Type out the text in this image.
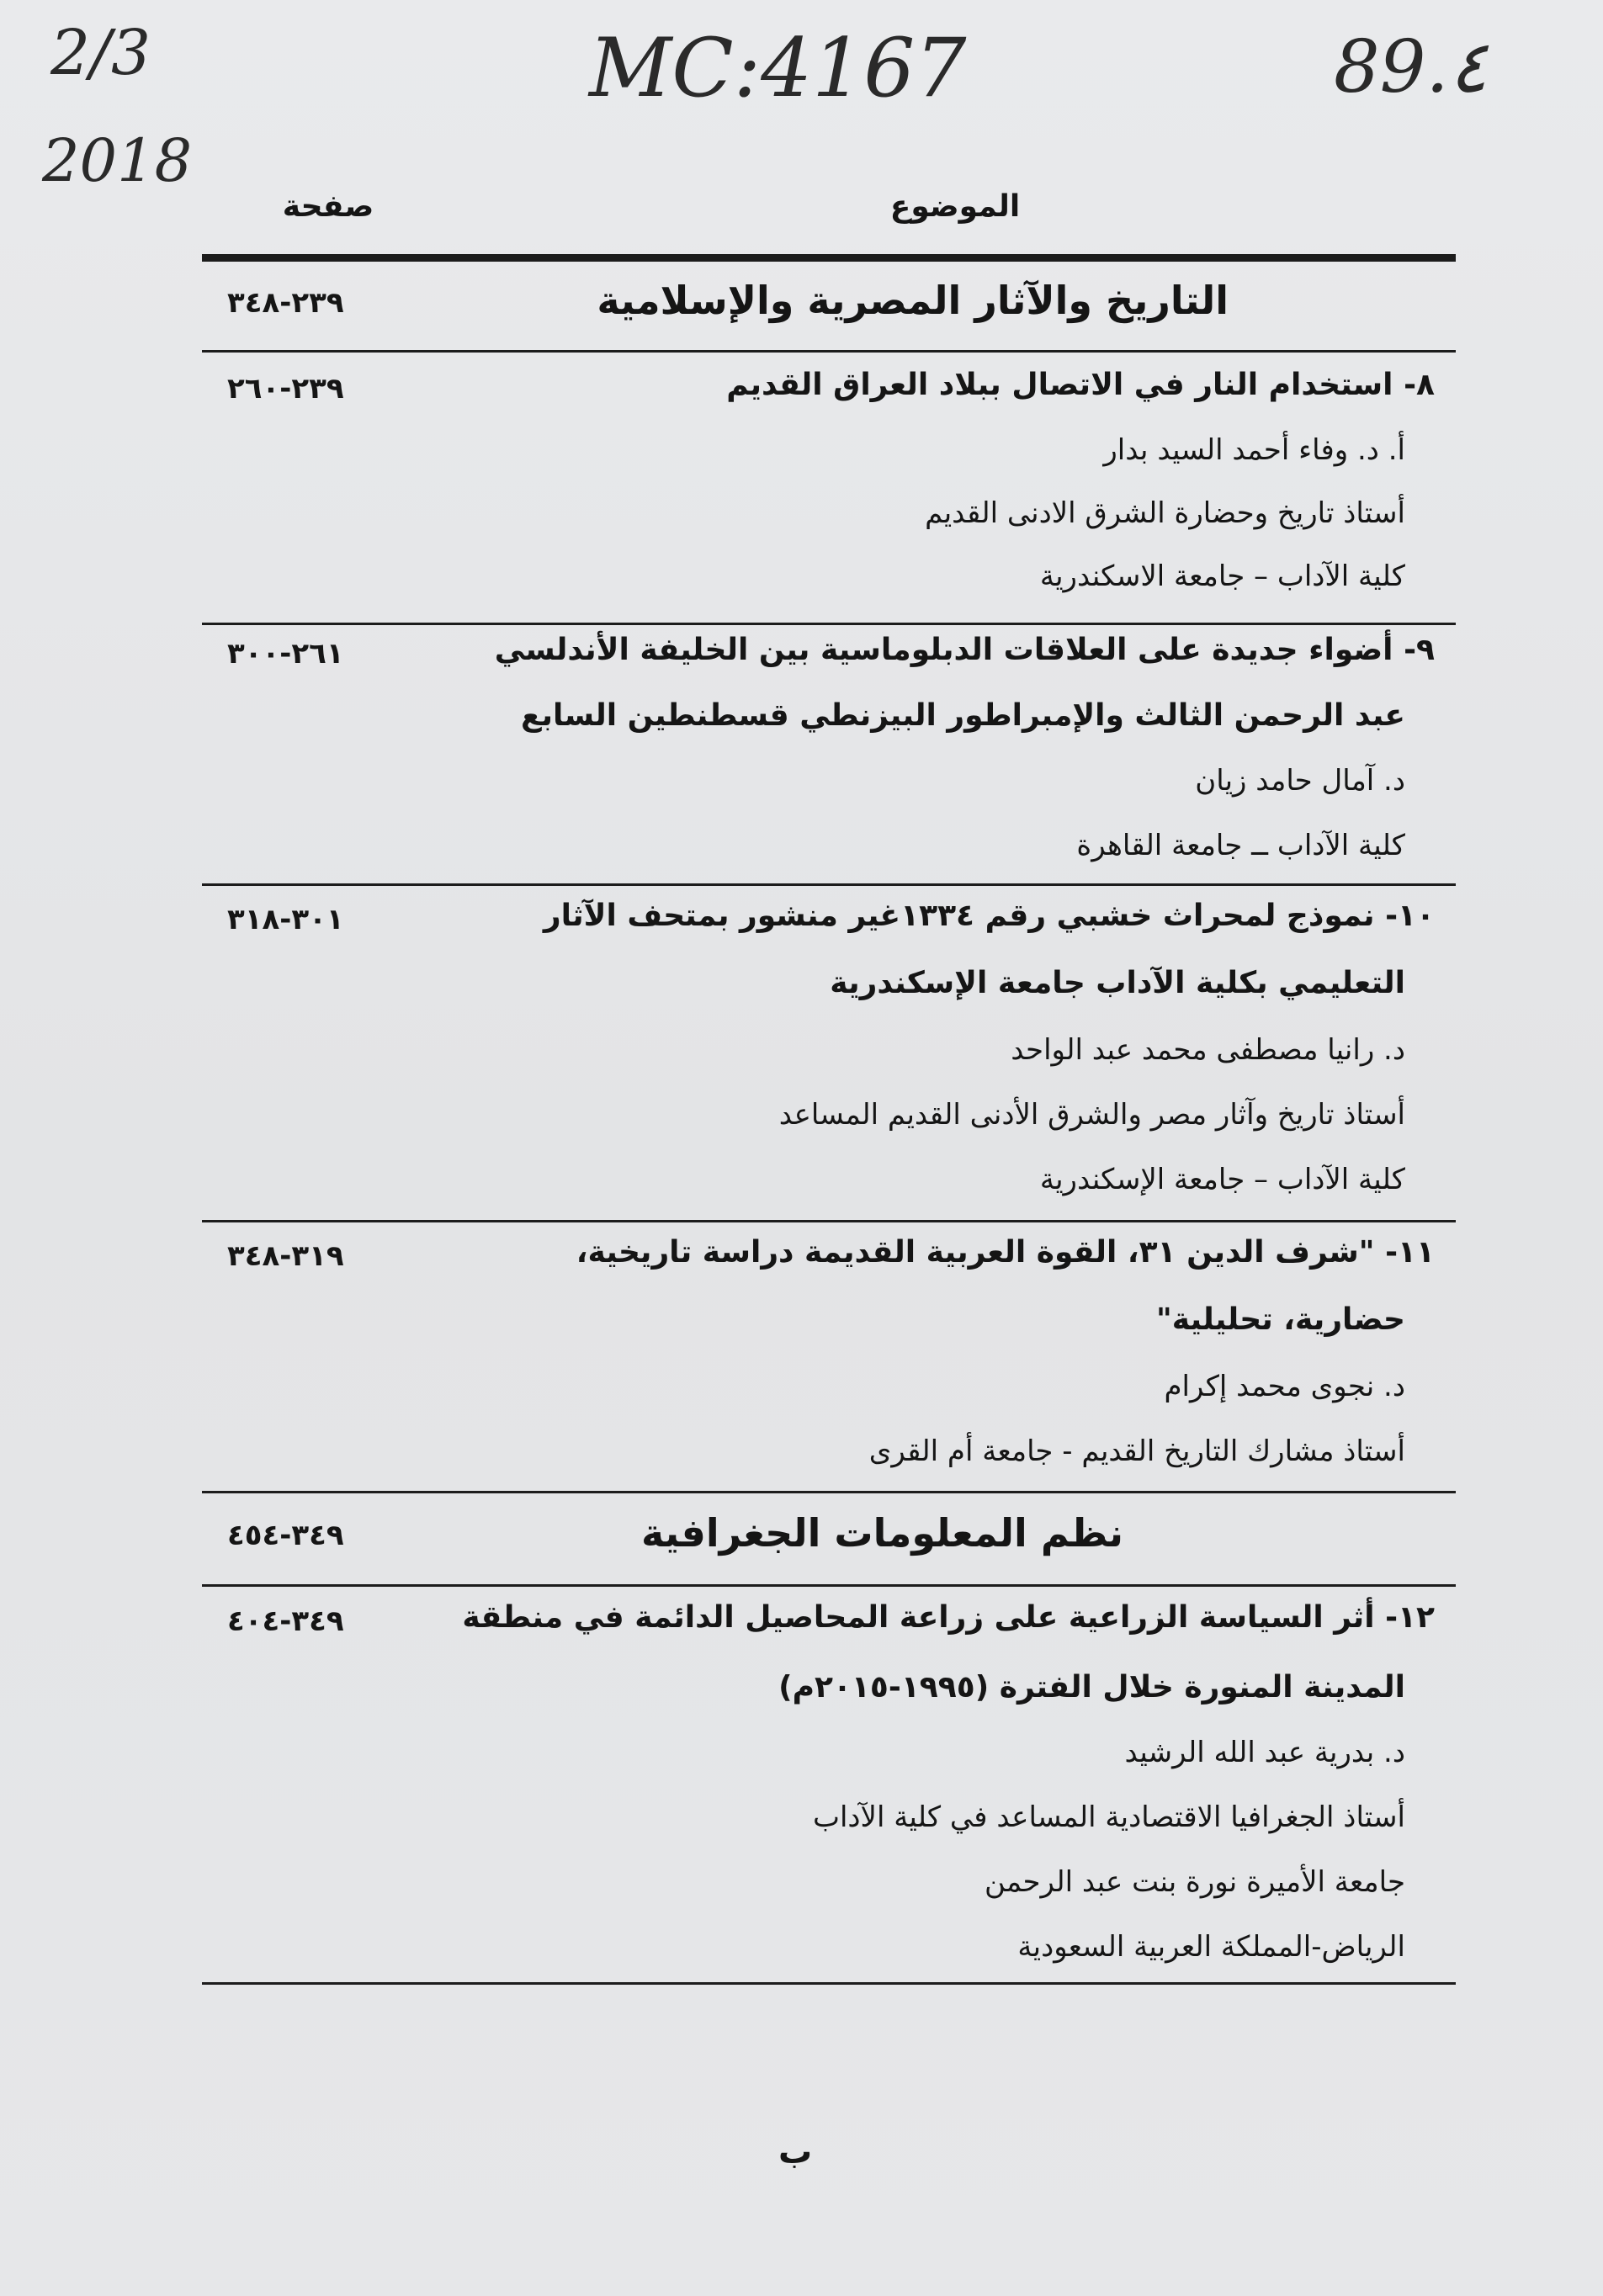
2/3
2018
MC:4167	89.٤
الموضوع
صفحة
التاريخ والآثار المصرية والإسلامية
٢٣٩-٣٤٨
٨- استخدام النار في الاتصال ببلاد العراق القديم
٢٣٩-٢٦٠
أ. د. وفاء أحمد السيد بدار
أستاذ تاريخ وحضارة الشرق الادنى القديم
كلية الآداب – جامعة الاسكندرية
٩- أضواء جديدة على العلاقات الدبلوماسية بين الخليفة الأندلسي
٢٦١-٣٠٠
عبد الرحمن الثالث والإمبراطور البيزنطي قسطنطين السابع
د. آمال حامد زيان
كلية الآداب ــ جامعة القاهرة
١٠- نموذج لمحراث خشبي رقم ١٣٣٤غير منشور بمتحف الآثار
٣٠١-٣١٨
التعليمي بكلية الآداب جامعة الإسكندرية
د. رانيا مصطفى محمد عبد الواحد
أستاذ تاريخ وآثار مصر والشرق الأدنى القديم المساعد
كلية الآداب – جامعة الإسكندرية
١١- "شرف الدين ٣١، القوة العربية القديمة دراسة تاريخية،
٣١٩-٣٤٨
حضارية، تحليلية"
د. نجوى محمد إكرام
أستاذ مشارك التاريخ القديم - جامعة أم القرى
نظم المعلومات الجغرافية
٣٤٩-٤٥٤
١٢- أثر السياسة الزراعية على زراعة المحاصيل الدائمة في منطقة
٣٤٩-٤٠٤
المدينة المنورة خلال الفترة (١٩٩٥-٢٠١٥م)
د. بدرية عبد الله الرشيد
أستاذ الجغرافيا الاقتصادية المساعد في كلية الآداب
جامعة الأميرة نورة بنت عبد الرحمن
الرياض-المملكة العربية السعودية
ب
